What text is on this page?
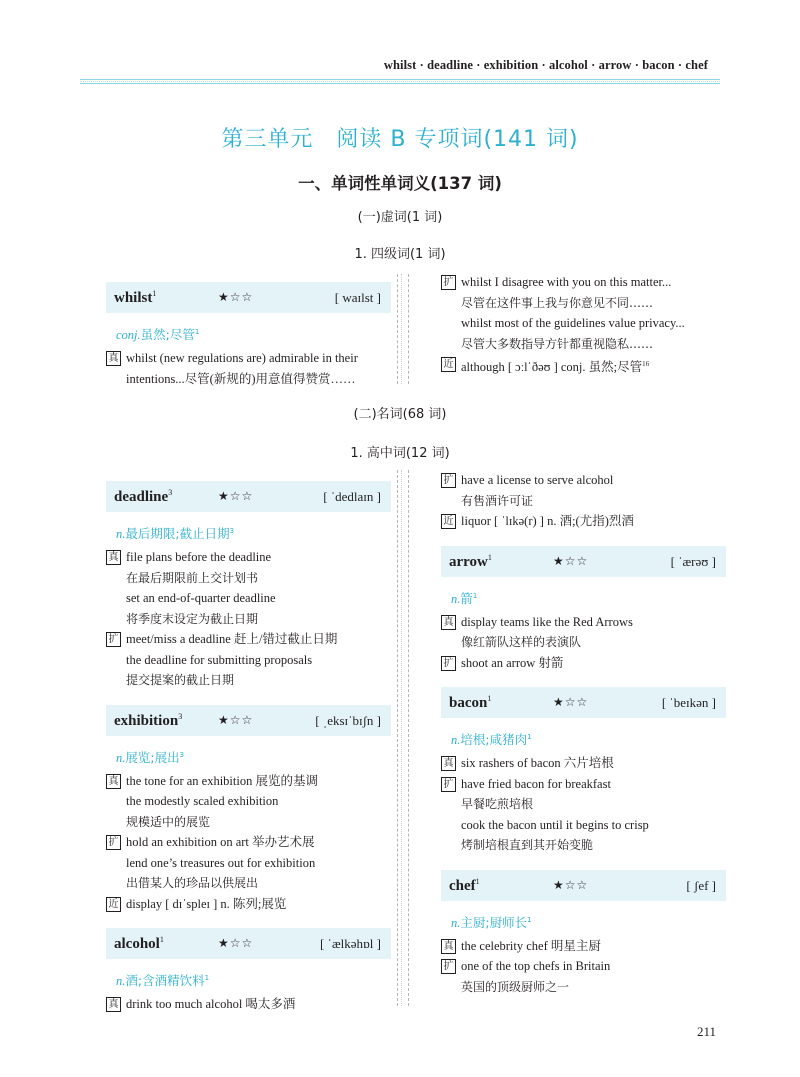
whilst · deadline · exhibition · alcohol · arrow · bacon · chef
第三单元　阅读 B 专项词(141 词)
一、单词性单词义(137 词)
(一)虚词(1 词)
1. 四级词(1 词)
whilst$^1$	★☆☆	[ waɪlst ]
conj.虽然;尽管$^1$
真 whilst (new regulations are) admirable in their intentions...尽管(新规的)用意值得赞赏……
扩 whilst I disagree with you on this matter...
尽管在这件事上我与你意见不同……
whilst most of the guidelines value privacy...
尽管大多数指导方针都重视隐私……
近 although [ ɔːlˈðəʊ ] conj. 虽然;尽管$^{16}$
(二)名词(68 词)
1. 高中词(12 词)
deadline$^3$	★☆☆	[ ˈdedlaɪn ]
n.最后期限;截止日期$^3$
真 file plans before the deadline
在最后期限前上交计划书
set an end-of-quarter deadline
将季度末设定为截止日期
扩 meet/miss a deadline 赶上/错过截止日期
the deadline for submitting proposals
提交提案的截止日期
exhibition$^3$	★☆☆	[ ˌeksɪˈbɪʃn ]
n.展览;展出$^3$
真 the tone for an exhibition 展览的基调
the modestly scaled exhibition
规模适中的展览
扩 hold an exhibition on art 举办艺术展
lend one’s treasures out for exhibition
出借某人的珍品以供展出
近 display [ dɪˈspleɪ ] n. 陈列;展览
alcohol$^1$	★☆☆	[ ˈælkəhɒl ]
n.酒;含酒精饮料$^1$
真 drink too much alcohol 喝太多酒
扩 have a license to serve alcohol
有售酒许可证
近 liquor [ ˈlɪkə(r) ] n. 酒;(尤指)烈酒
arrow$^1$	★☆☆	[ ˈærəʊ ]
n.箭$^1$
真 display teams like the Red Arrows
像红箭队这样的表演队
扩 shoot an arrow 射箭
bacon$^1$	★☆☆	[ ˈbeɪkən ]
n.培根;咸猪肉$^1$
真 six rashers of bacon 六片培根
扩 have fried bacon for breakfast
早餐吃煎培根
cook the bacon until it begins to crisp
烤制培根直到其开始变脆
chef$^1$	★☆☆	[ ʃef ]
n.主厨;厨师长$^1$
真 the celebrity chef 明星主厨
扩 one of the top chefs in Britain
英国的顶级厨师之一
211
